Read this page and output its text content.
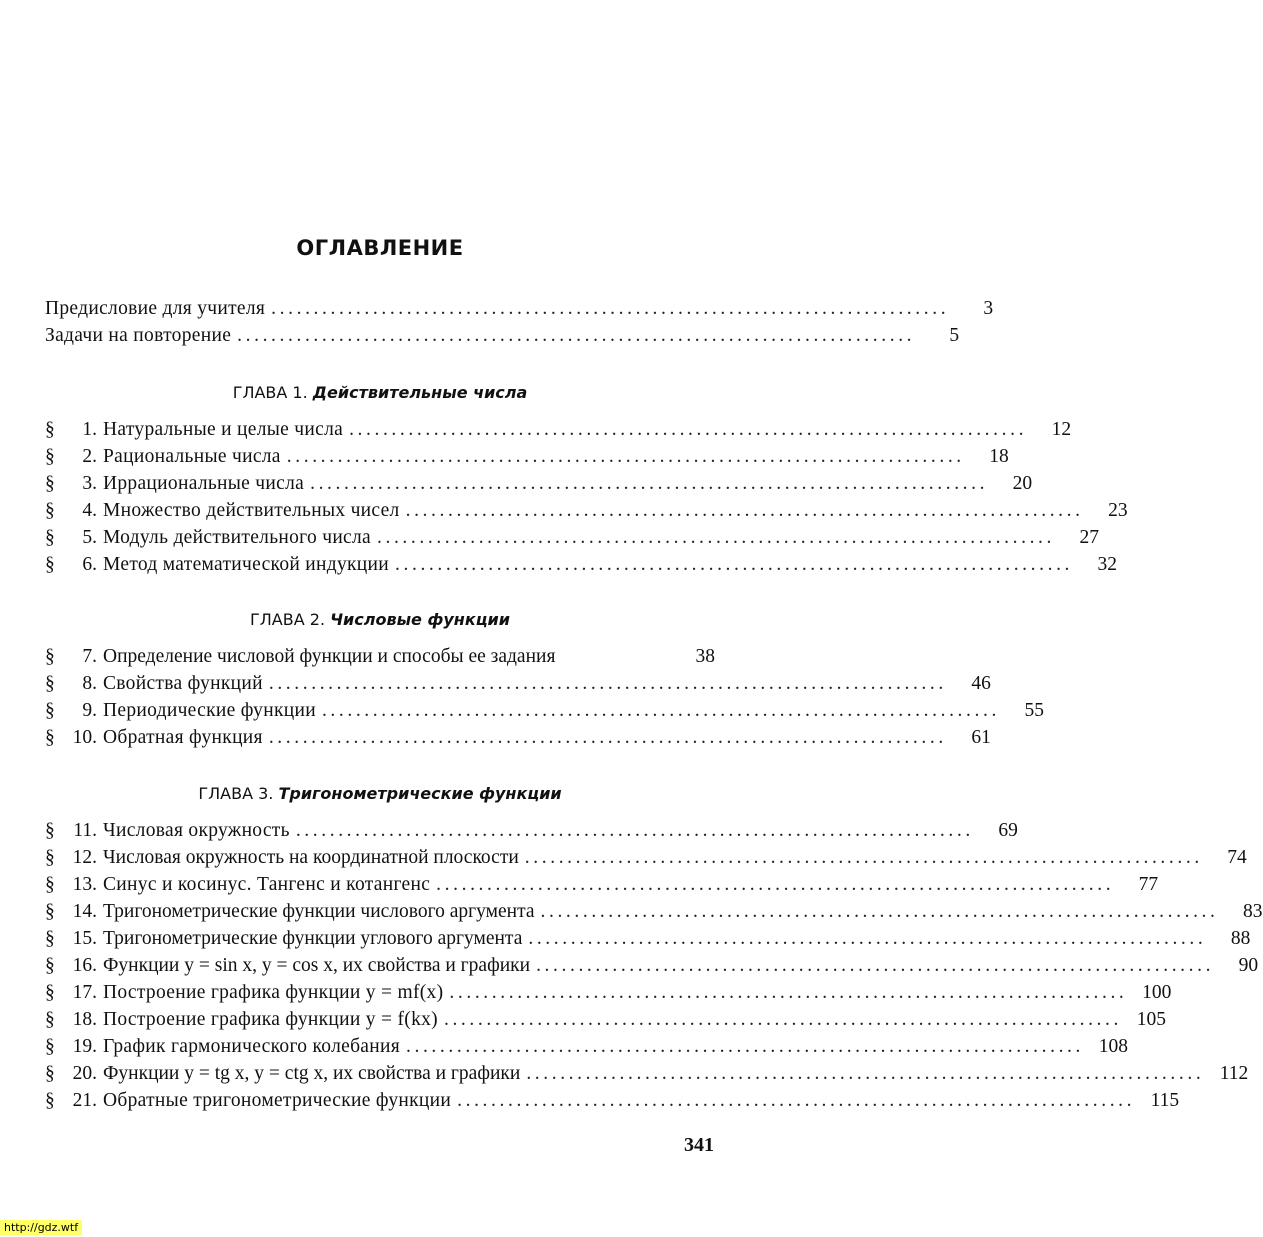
ОГЛАВЛЕНИЕ
Предисловие для учителя ................................................................................	3
Задачи на повторение ................................................................................	5
ГЛАВА 1. Действительные числа
§	1. Натуральные и целые числа ................................................................................	12
§	2. Рациональные числа ................................................................................	18
§	3. Иррациональные числа ................................................................................	20
§	4. Множество действительных чисел ................................................................................	23
§	5. Модуль действительного числа ................................................................................	27
§	6. Метод математической индукции ................................................................................	32
ГЛАВА 2. Числовые функции
§	7. Определение числовой функции и способы ее задания	38
§	8. Свойства функций ................................................................................	46
§	9. Периодические функции ................................................................................	55
§ 10. Обратная функция ................................................................................	61
ГЛАВА 3. Тригонометрические функции
§ 11. Числовая окружность ................................................................................	69
§ 12. Числовая окружность на координатной плоскости ................................................................................	74
§ 13. Синус и косинус. Тангенс и котангенс ................................................................................	77
§ 14. Тригонометрические функции числового аргумента ................................................................................	83
§ 15. Тригонометрические функции углового аргумента ................................................................................	88
§ 16. Функции y = sin x, y = cos x, их свойства и графики ................................................................................	90
§ 17. Построение графика функции y = mf(x) ................................................................................ 100
§ 18. Построение графика функции y = f(kx) ................................................................................ 105
§ 19. График гармонического колебания ................................................................................ 108
§ 20. Функции y = tg x, y = ctg x, их свойства и графики ................................................................................ 112
§ 21. Обратные тригонометрические функции ................................................................................ 115
341
http://gdz.wtf
